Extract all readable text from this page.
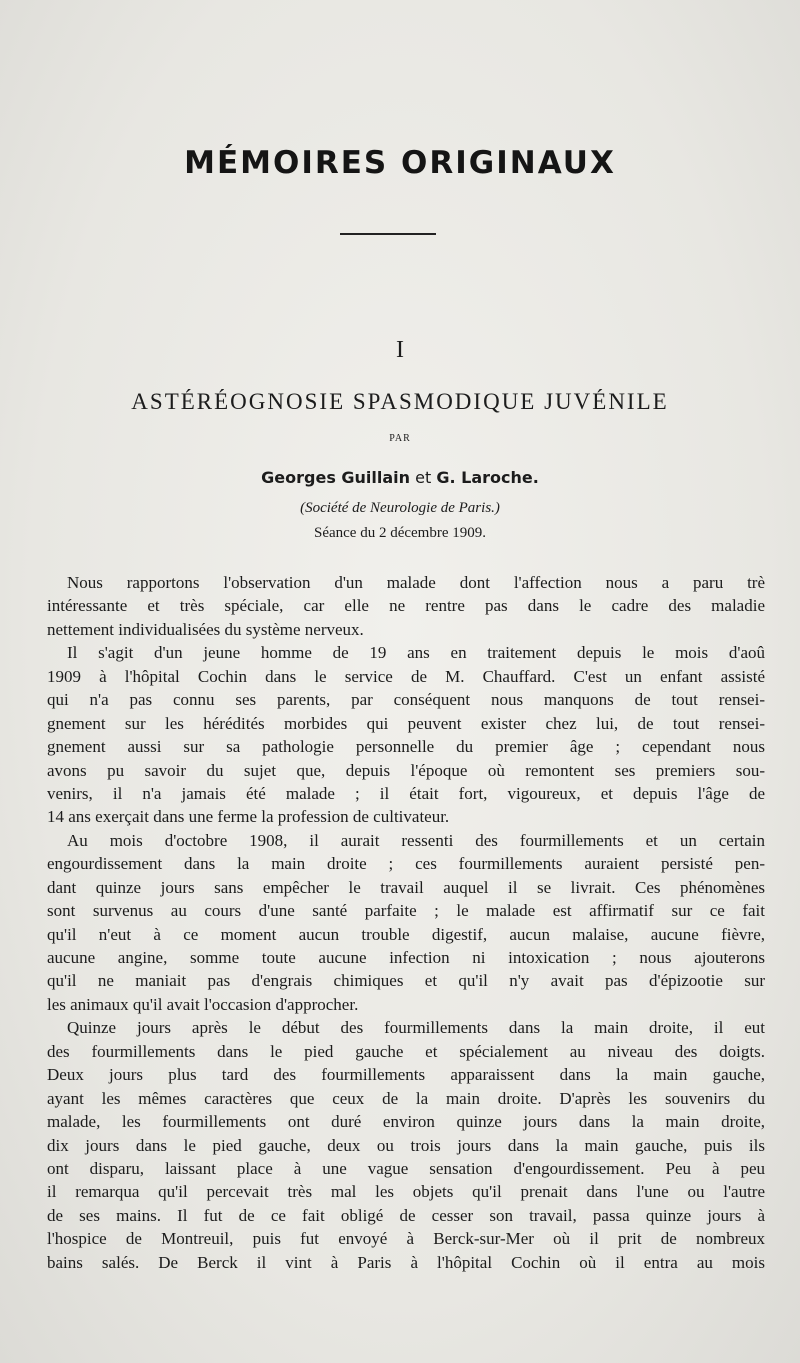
MÉMOIRES ORIGINAUX
I
ASTÉRÉOGNOSIE SPASMODIQUE JUVÉNILE
PAR
Georges Guillain et G. Laroche.
(Société de Neurologie de Paris.)
Séance du 2 décembre 1909.
Nous rapportons l'observation d'un malade dont l'affection nous a paru trè
intéressante et très spéciale, car elle ne rentre pas dans le cadre des maladie
nettement individualisées du système nerveux.
Il s'agit d'un jeune homme de 19 ans en traitement depuis le mois d'aoû
1909 à l'hôpital Cochin dans le service de M. Chauffard. C'est un enfant assisté
qui n'a pas connu ses parents, par conséquent nous manquons de tout rensei-
gnement sur les hérédités morbides qui peuvent exister chez lui, de tout rensei-
gnement aussi sur sa pathologie personnelle du premier âge ; cependant nous
avons pu savoir du sujet que, depuis l'époque où remontent ses premiers sou-
venirs, il n'a jamais été malade ; il était fort, vigoureux, et depuis l'âge de
14 ans exerçait dans une ferme la profession de cultivateur.
Au mois d'octobre 1908, il aurait ressenti des fourmillements et un certain
engourdissement dans la main droite ; ces fourmillements auraient persisté pen-
dant quinze jours sans empêcher le travail auquel il se livrait. Ces phénomènes
sont survenus au cours d'une santé parfaite ; le malade est affirmatif sur ce fait
qu'il n'eut à ce moment aucun trouble digestif, aucun malaise, aucune fièvre,
aucune angine, somme toute aucune infection ni intoxication ; nous ajouterons
qu'il ne maniait pas d'engrais chimiques et qu'il n'y avait pas d'épizootie sur
les animaux qu'il avait l'occasion d'approcher.
Quinze jours après le début des fourmillements dans la main droite, il eut
des fourmillements dans le pied gauche et spécialement au niveau des doigts.
Deux jours plus tard des fourmillements apparaissent dans la main gauche,
ayant les mêmes caractères que ceux de la main droite. D'après les souvenirs du
malade, les fourmillements ont duré environ quinze jours dans la main droite,
dix jours dans le pied gauche, deux ou trois jours dans la main gauche, puis ils
ont disparu, laissant place à une vague sensation d'engourdissement. Peu à peu
il remarqua qu'il percevait très mal les objets qu'il prenait dans l'une ou l'autre
de ses mains. Il fut de ce fait obligé de cesser son travail, passa quinze jours à
l'hospice de Montreuil, puis fut envoyé à Berck-sur-Mer où il prit de nombreux
bains salés. De Berck il vint à Paris à l'hôpital Cochin où il entra au mois
